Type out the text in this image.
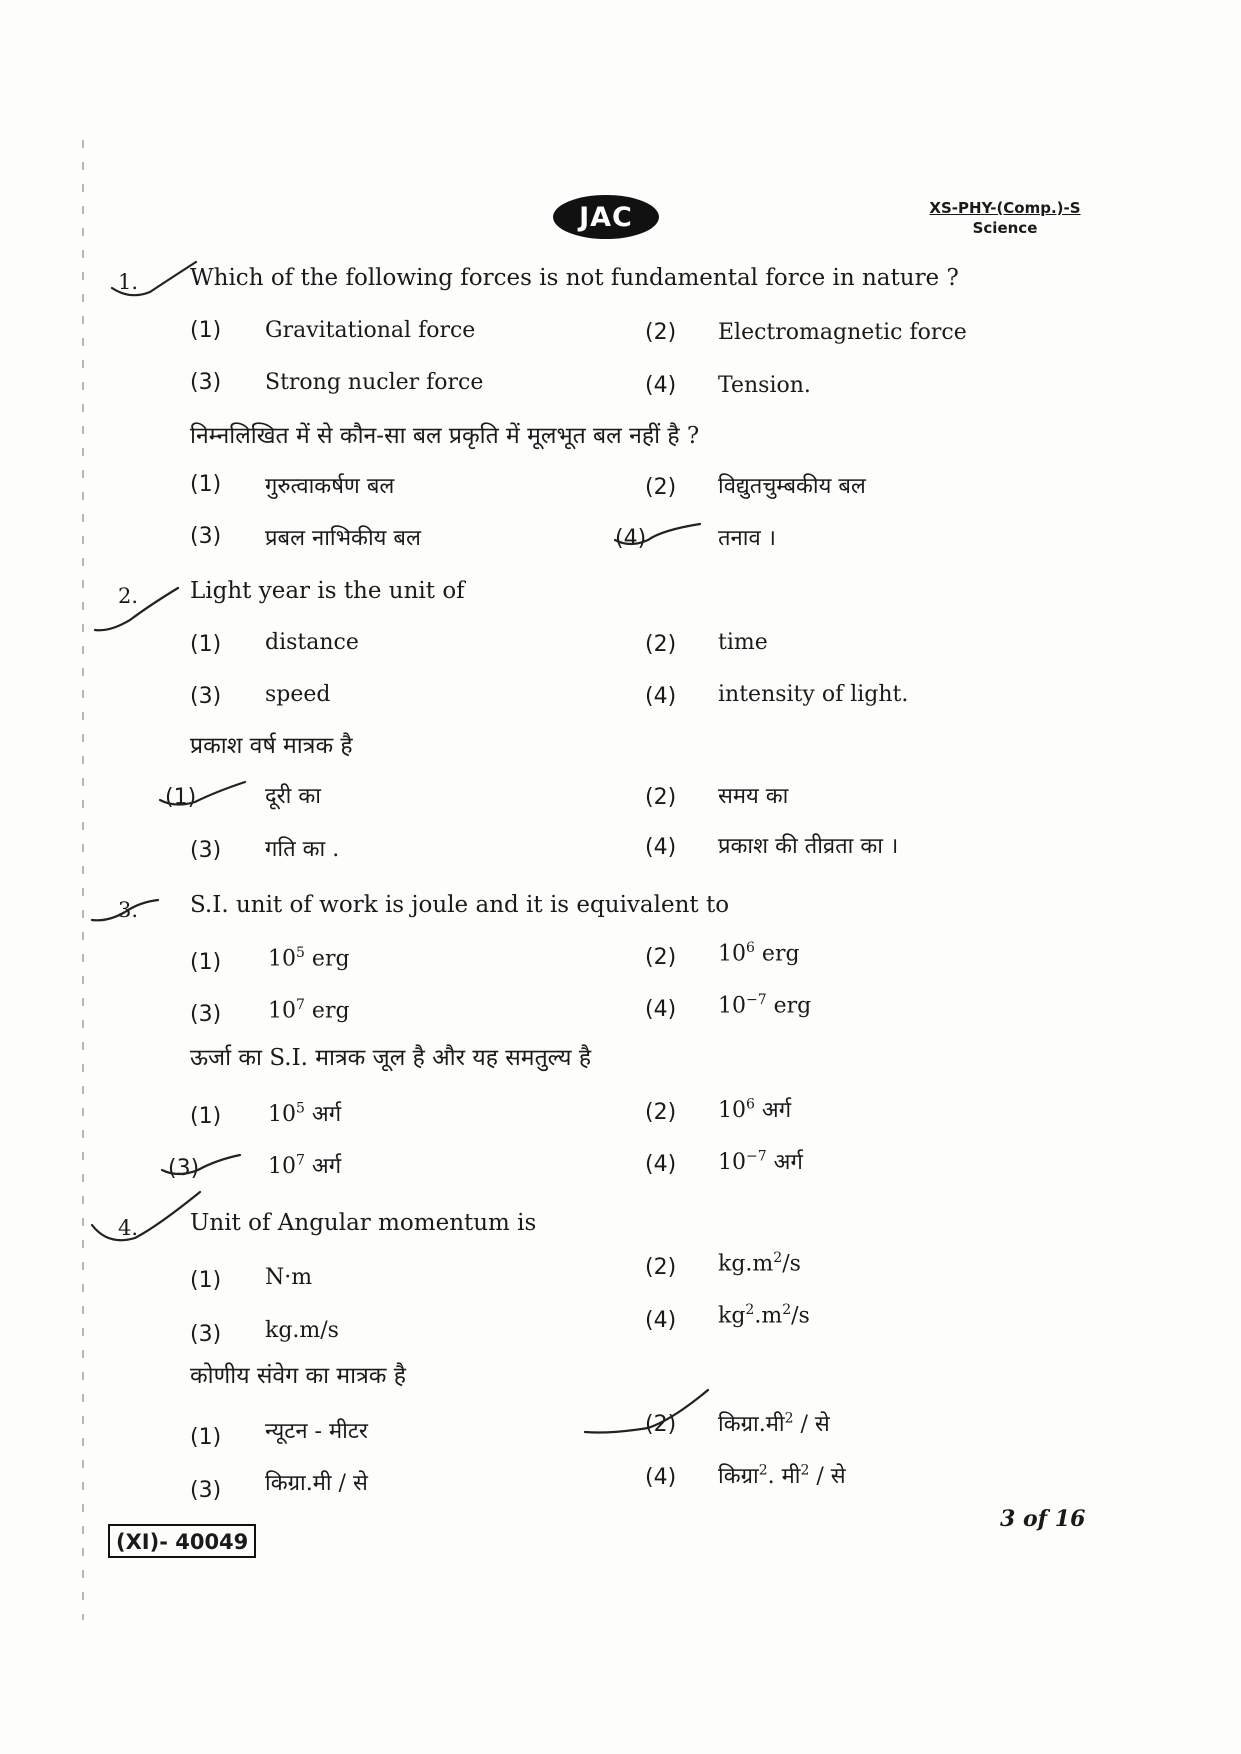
JAC	XS-PHY-(Comp.)-S
Science
1. Which of the following forces is not fundamental force in nature ?
(1) Gravitational force	(2) Electromagnetic force
(3) Strong nucler force	(4) Tension.
निम्नलिखित में से कौन-सा बल प्रकृति में मूलभूत बल नहीं है ?
(1) गुरुत्वाकर्षण बल	(2) विद्युतचुम्बकीय बल
(3) प्रबल नाभिकीय बल	(4)	तनाव ।
2. Light year is the unit of
(1) distance	(2) time
(3) speed	(4) intensity of light.
प्रकाश वर्ष मात्रक है
(1)	दूरी का	(2) समय का
(3) गति का .	(4) प्रकाश की तीव्रता का ।
3. S.I. unit of work is joule and it is equivalent to
(1) $10^5$ erg	(2) $10^6$ erg
(3) $10^7$ erg	(4) $10^{-7}$ erg
ऊर्जा का S.I. मात्रक जूल है और यह समतुल्य है
(1) $10^5$ अर्ग	(2) $10^6$ अर्ग
(3)	$10^7$ अर्ग	(4) $10^{-7}$ अर्ग
4. Unit of Angular momentum is
(1) N·m	(2) $kg.m^2/s$
(3) kg.m/s	(4) $kg^2.m^2/s$
कोणीय संवेग का मात्रक है
(1) न्यूटन - मीटर	(2) किग्रा.मी$^2$ / से
(3) किग्रा.मी / से	(4) किग्रा$^2$. मी$^2$ / से
(XI)- 40049
3 of 16
